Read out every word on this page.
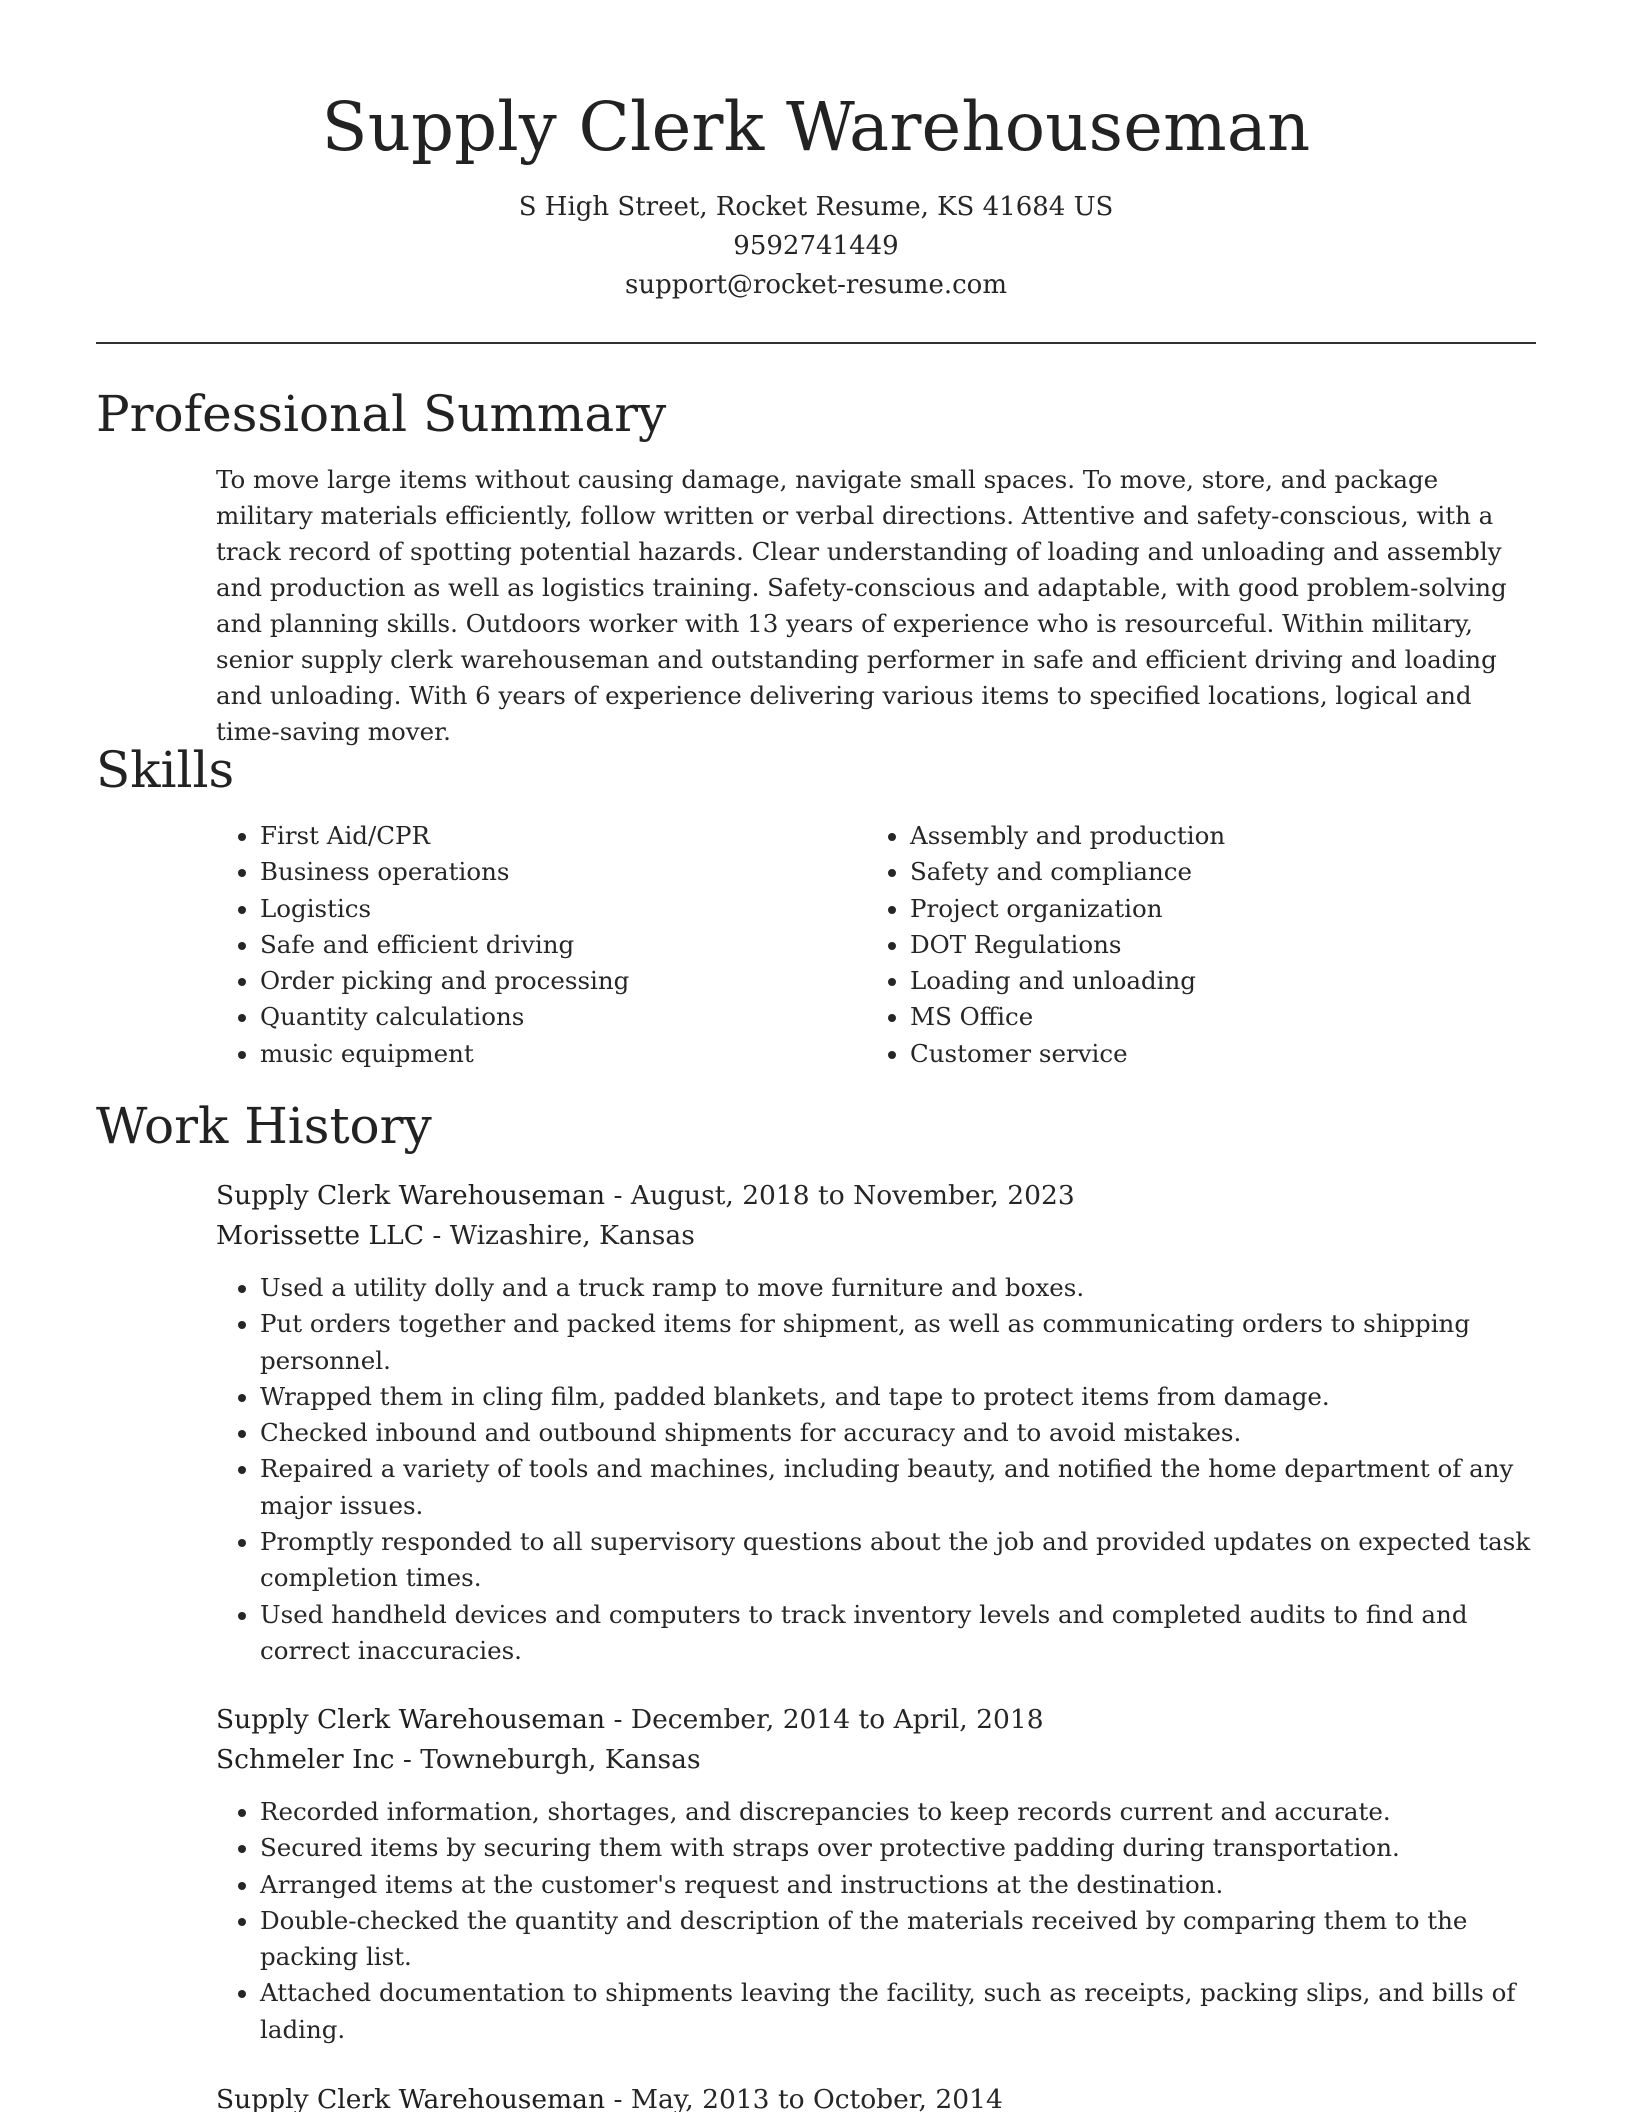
Supply Clerk Warehouseman

S High Street, Rocket Resume, KS 41684 US

9592741449

support@rocket-resume.com

Professional Summary

To move large items without causing damage, navigate small spaces. To move, store, and package military materials efficiently, follow written or verbal directions. Attentive and safety-conscious, with a track record of spotting potential hazards. Clear understanding of loading and unloading and assembly and production as well as logistics training. Safety-conscious and adaptable, with good problem-solving and planning skills. Outdoors worker with 13 years of experience who is resourceful. Within military, senior supply clerk warehouseman and outstanding performer in safe and efficient driving and loading and unloading. With 6 years of experience delivering various items to specified locations, logical and time-saving mover.

Skills
• First Aid/CPR
• Business operations
• Logistics
• Safe and efficient driving
• Order picking and processing
• Quantity calculations
• music equipment
• Assembly and production
• Safety and compliance
• Project organization
• DOT Regulations
• Loading and unloading
• MS Office
• Customer service
Work History

Supply Clerk Warehouseman - August, 2018 to November, 2023

Morissette LLC - Wizashire, Kansas

• Used a utility dolly and a truck ramp to move furniture and boxes.
• Put orders together and packed items for shipment, as well as communicating orders to shipping personnel.
• Wrapped them in cling film, padded blankets, and tape to protect items from damage.
• Checked inbound and outbound shipments for accuracy and to avoid mistakes.
• Repaired a variety of tools and machines, including beauty, and notified the home department of any major issues.
• Promptly responded to all supervisory questions about the job and provided updates on expected task completion times.
• Used handheld devices and computers to track inventory levels and completed audits to find and correct inaccuracies.

Supply Clerk Warehouseman - December, 2014 to April, 2018

Schmeler Inc - Towneburgh, Kansas

• Recorded information, shortages, and discrepancies to keep records current and accurate.
• Secured items by securing them with straps over protective padding during transportation.
• Arranged items at the customer's request and instructions at the destination.
• Double-checked the quantity and description of the materials received by comparing them to the packing list.
• Attached documentation to shipments leaving the facility, such as receipts, packing slips, and bills of lading.

Supply Clerk Warehouseman - May, 2013 to October, 2014
